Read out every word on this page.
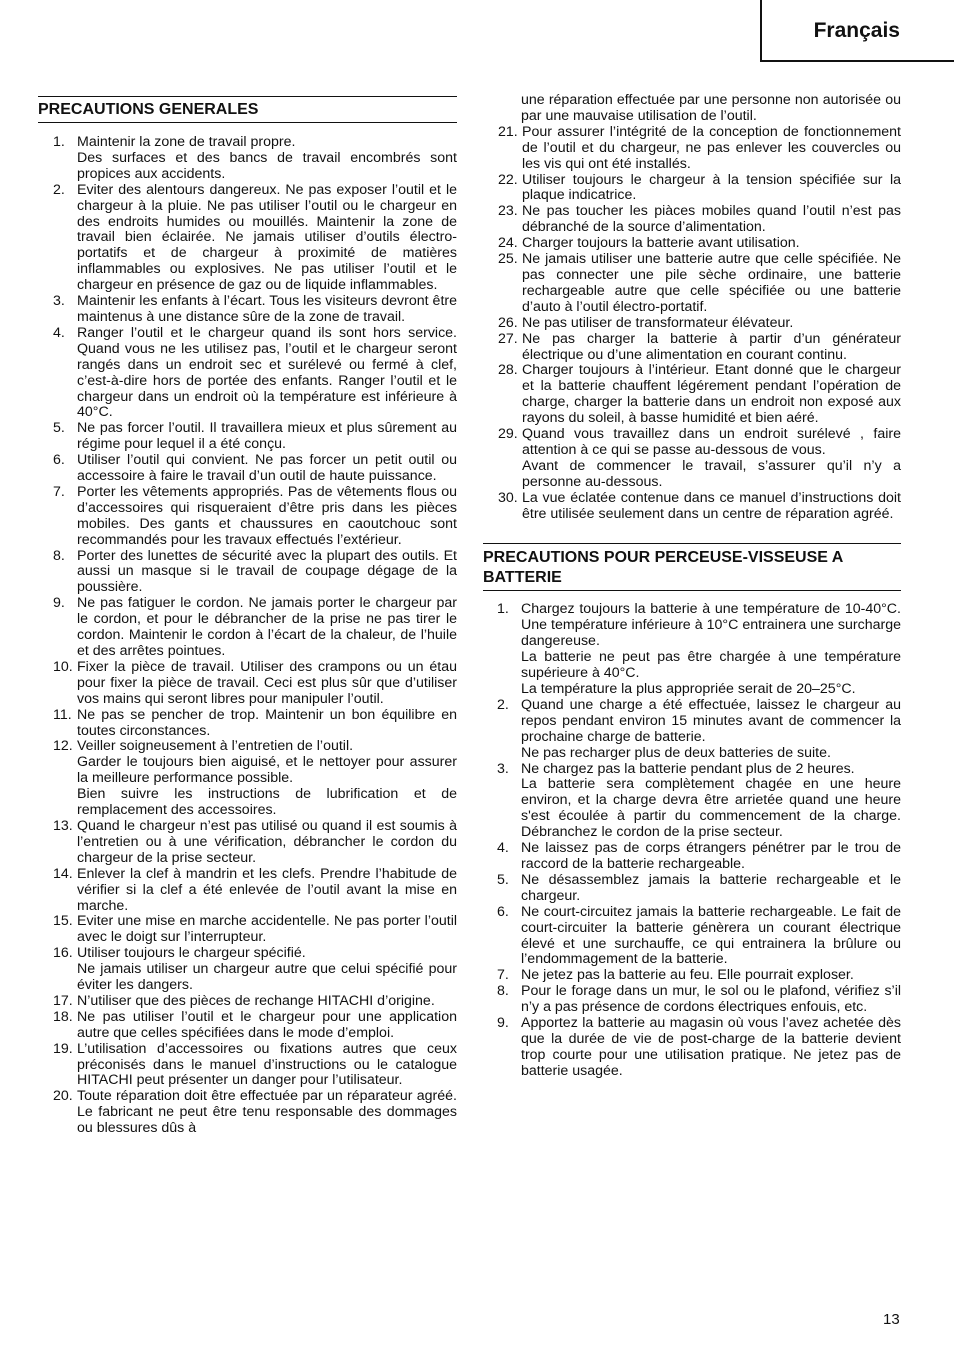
Français
PRECAUTIONS GENERALES
1. Maintenir la zone de travail propre.

Des surfaces et des bancs de travail encombrés sont propices aux accidents.

2. Eviter des alentours dangereux. Ne pas exposer l’outil et le chargeur à la pluie. Ne pas utiliser l’outil ou le chargeur en des endroits humides ou mouillés. Maintenir la zone de travail bien éclairée. Ne jamais utiliser d’outils électro-portatifs et de chargeur à proximité de matières inflammables ou explosives. Ne pas utiliser l’outil et le chargeur en présence de gaz ou de liquide inflammables.

3. Maintenir les enfants à l’écart. Tous les visiteurs devront être maintenus à une distance sûre de la zone de travail.

4. Ranger l’outil et le chargeur quand ils sont hors service. Quand vous ne les utilisez pas, l’outil et le chargeur seront rangés dans un endroit sec et surélevé ou fermé à clef, c’est-à-dire hors de portée des enfants. Ranger l’outil et le chargeur dans un endroit où la température est inférieure à 40°C.

5. Ne pas forcer l’outil. Il travaillera mieux et plus sûrement au régime pour lequel il a été conçu.

6. Utiliser l’outil qui convient. Ne pas forcer un petit outil ou accessoire à faire le travail d’un outil de haute puissance.

7. Porter les vêtements appropriés. Pas de vêtements flous ou d’accessoires qui risqueraient d’être pris dans les pièces mobiles. Des gants et chaussures en caoutchouc sont recommandés pour les travaux effectués l’extérieur.

8. Porter des lunettes de sécurité avec la plupart des outils. Et aussi un masque si le travail de coupage dégage de la poussière.

9. Ne pas fatiguer le cordon. Ne jamais porter le chargeur par le cordon, et pour le débrancher de la prise ne pas tirer le cordon. Maintenir le cordon à l’écart de la chaleur, de l’huile et des arrêtes pointues.

10. Fixer la pièce de travail. Utiliser des crampons ou un étau pour fixer la pièce de travail. Ceci est plus sûr que d’utiliser vos mains qui seront libres pour manipuler l’outil.

11. Ne pas se pencher de trop. Maintenir un bon équilibre en toutes circonstances.

12. Veiller soigneusement à l’entretien de l’outil.

Garder le toujours bien aiguisé, et le nettoyer pour assurer la meilleure performance possible.

Bien suivre les instructions de lubrification et de remplacement des accessoires.

13. Quand le chargeur n’est pas utilisé ou quand il est soumis à l’entretien ou à une vérification, débrancher le cordon du chargeur de la prise secteur.

14. Enlever la clef à mandrin et les clefs. Prendre l’habitude de vérifier si la clef a été enlevée de l’outil avant la mise en marche.

15. Eviter une mise en marche accidentelle. Ne pas porter l’outil avec le doigt sur l’interrupteur.

16. Utiliser toujours le chargeur spécifié.

Ne jamais utiliser un chargeur autre que celui spécifié pour éviter les dangers.

17. N’utiliser que des pièces de rechange HITACHI d’origine.

18. Ne pas utiliser l’outil et le chargeur pour une application autre que celles spécifiées dans le mode d’emploi.

19. L’utilisation d’accessoires ou fixations autres que ceux préconisés dans le manuel d’instructions ou le catalogue HITACHI peut présenter un danger pour l’utilisateur.

20. Toute réparation doit être effectuée par un réparateur agréé. Le fabricant ne peut être tenu responsable des dommages ou blessures dûs à

une réparation effectuée par une personne non autorisée ou par une mauvaise utilisation de l’outil.

21. Pour assurer l’intégrité de la conception de fonctionnement de l’outil et du chargeur, ne pas enlever les couvercles ou les vis qui ont été installés.

22. Utiliser toujours le chargeur à la tension spécifiée sur la plaque indicatrice.

23. Ne pas toucher les piàces mobiles quand l’outil n’est pas débranché de la source d’alimentation.

24. Charger toujours la batterie avant utilisation.

25. Ne jamais utiliser une batterie autre que celle spécifiée. Ne pas connecter une pile sèche ordinaire, une batterie rechargeable autre que celle spécifiée ou une batterie d’auto à l’outil électro-portatif.

26. Ne pas utiliser de transformateur élévateur.

27. Ne pas charger la batterie à partir d’un générateur électrique ou d’une alimentation en courant continu.

28. Charger toujours à l’intérieur. Etant donné que le chargeur et la batterie chauffent légérement pendant l’opération de charge, charger la batterie dans un endroit non exposé aux rayons du soleil, à basse humidité et bien aéré.

29. Quand vous travaillez dans un endroit surélevé , faire attention à ce qui se passe au-dessous de vous.

Avant de commencer le travail, s’assurer qu’il n’y a personne au-dessous.

30. La vue éclatée contenue dans ce manuel d’instructions doit être utilisée seulement dans un centre de réparation agréé.

PRECAUTIONS POUR PERCEUSE-VISSEUSE A BATTERIE
1. Chargez toujours la batterie à une température de 10-40°C. Une température inférieure à 10°C entrainera une surcharge dangereuse.

La batterie ne peut pas être chargée à une température supérieure à 40°C.

La température la plus appropriée serait de 20–25°C.

2. Quand une charge a été effectuée, laissez le chargeur au repos pendant environ 15 minutes avant de commencer la prochaine charge de batterie.

Ne pas recharger plus de deux batteries de suite.

3. Ne chargez pas la batterie pendant plus de 2 heures.

La batterie sera complètement chagée en une heure environ, et la charge devra être arrietée quand une heure s'est écoulée à partir du commencement de la charge. Débranchez le cordon de la prise secteur.

4. Ne laissez pas de corps étrangers pénétrer par le trou de raccord de la batterie rechargeable.

5. Ne désassemblez jamais la batterie rechargeable et le chargeur.

6. Ne court-circuitez jamais la batterie rechargeable. Le fait de court-circuiter la batterie génèrera un courant électrique élevé et une surchauffe, ce qui entrainera la brûlure ou l’endommagement de la batterie.

7. Ne jetez pas la batterie au feu. Elle pourrait exploser.

8. Pour le forage dans un mur, le sol ou le plafond, vérifiez s’il n’y a pas présence de cordons électriques enfouis, etc.

9. Apportez la batterie au magasin où vous l’avez achetée dès que la durée de vie de post-charge de la batterie devient trop courte pour une utilisation pratique. Ne jetez pas de batterie usagée.

13
